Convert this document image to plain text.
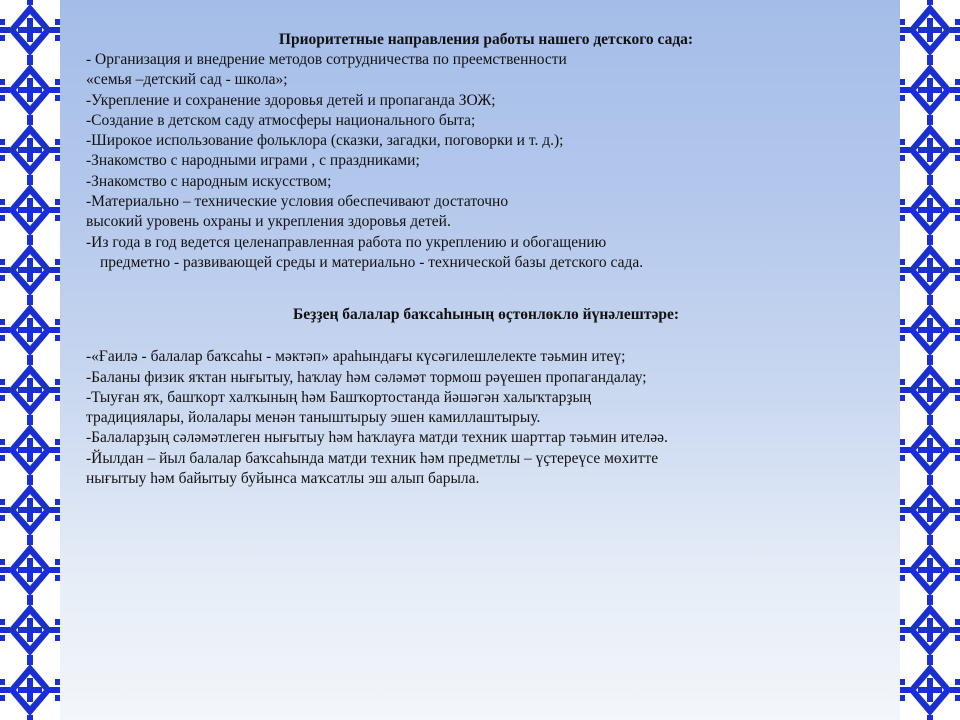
Приоритетные направления работы нашего детского сада:

- Организация и внедрение методов сотрудничества по преемственности
«семья –детский сад - школа»;
-Укрепление и сохранение здоровья детей и пропаганда ЗОЖ;
-Создание в детском саду атмосферы национального быта;
-Широкое использование фольклора (сказки, загадки, поговорки и т. д.);
-Знакомство с народными играми , с праздниками;
-Знакомство с народным искусством;
-Материально – технические условия обеспечивают достаточно
высокий уровень охраны и укрепления здоровья детей.
-Из года в год ведется целенаправленная работа по укреплению и обогащению
предметно - развивающей среды и материально - технической базы детского сада.

Беҙҙең балалар баҡсаһының өҫтөнлөклө йүнәлештәре:

-«Ғаилә - балалар баҡсаһы - мәктәп» араһындағы күсәгилешлелекте тәьмин итеү;
-Баланы физик яҡтан нығытыу, һаҡлау һәм сәләмәт тормош рәүешен пропагандалау;
-Тыуған яҡ, башҡорт халҡының һәм Башҡортостанда йәшәгән халыҡтарҙың
традициялары, йолалары менән таныштырыу эшен камиллаштырыу.
-Балаларҙың сәләмәтлеген нығытыу һәм һаҡлауға матди техник шарттар тәьмин ителәә.
-Йылдан – йыл балалар баҡсаһында матди техник һәм предметлы – үҫтереүсе мөхитте
нығытыу һәм байытыу буйынса маҡсатлы эш алып барыла.
